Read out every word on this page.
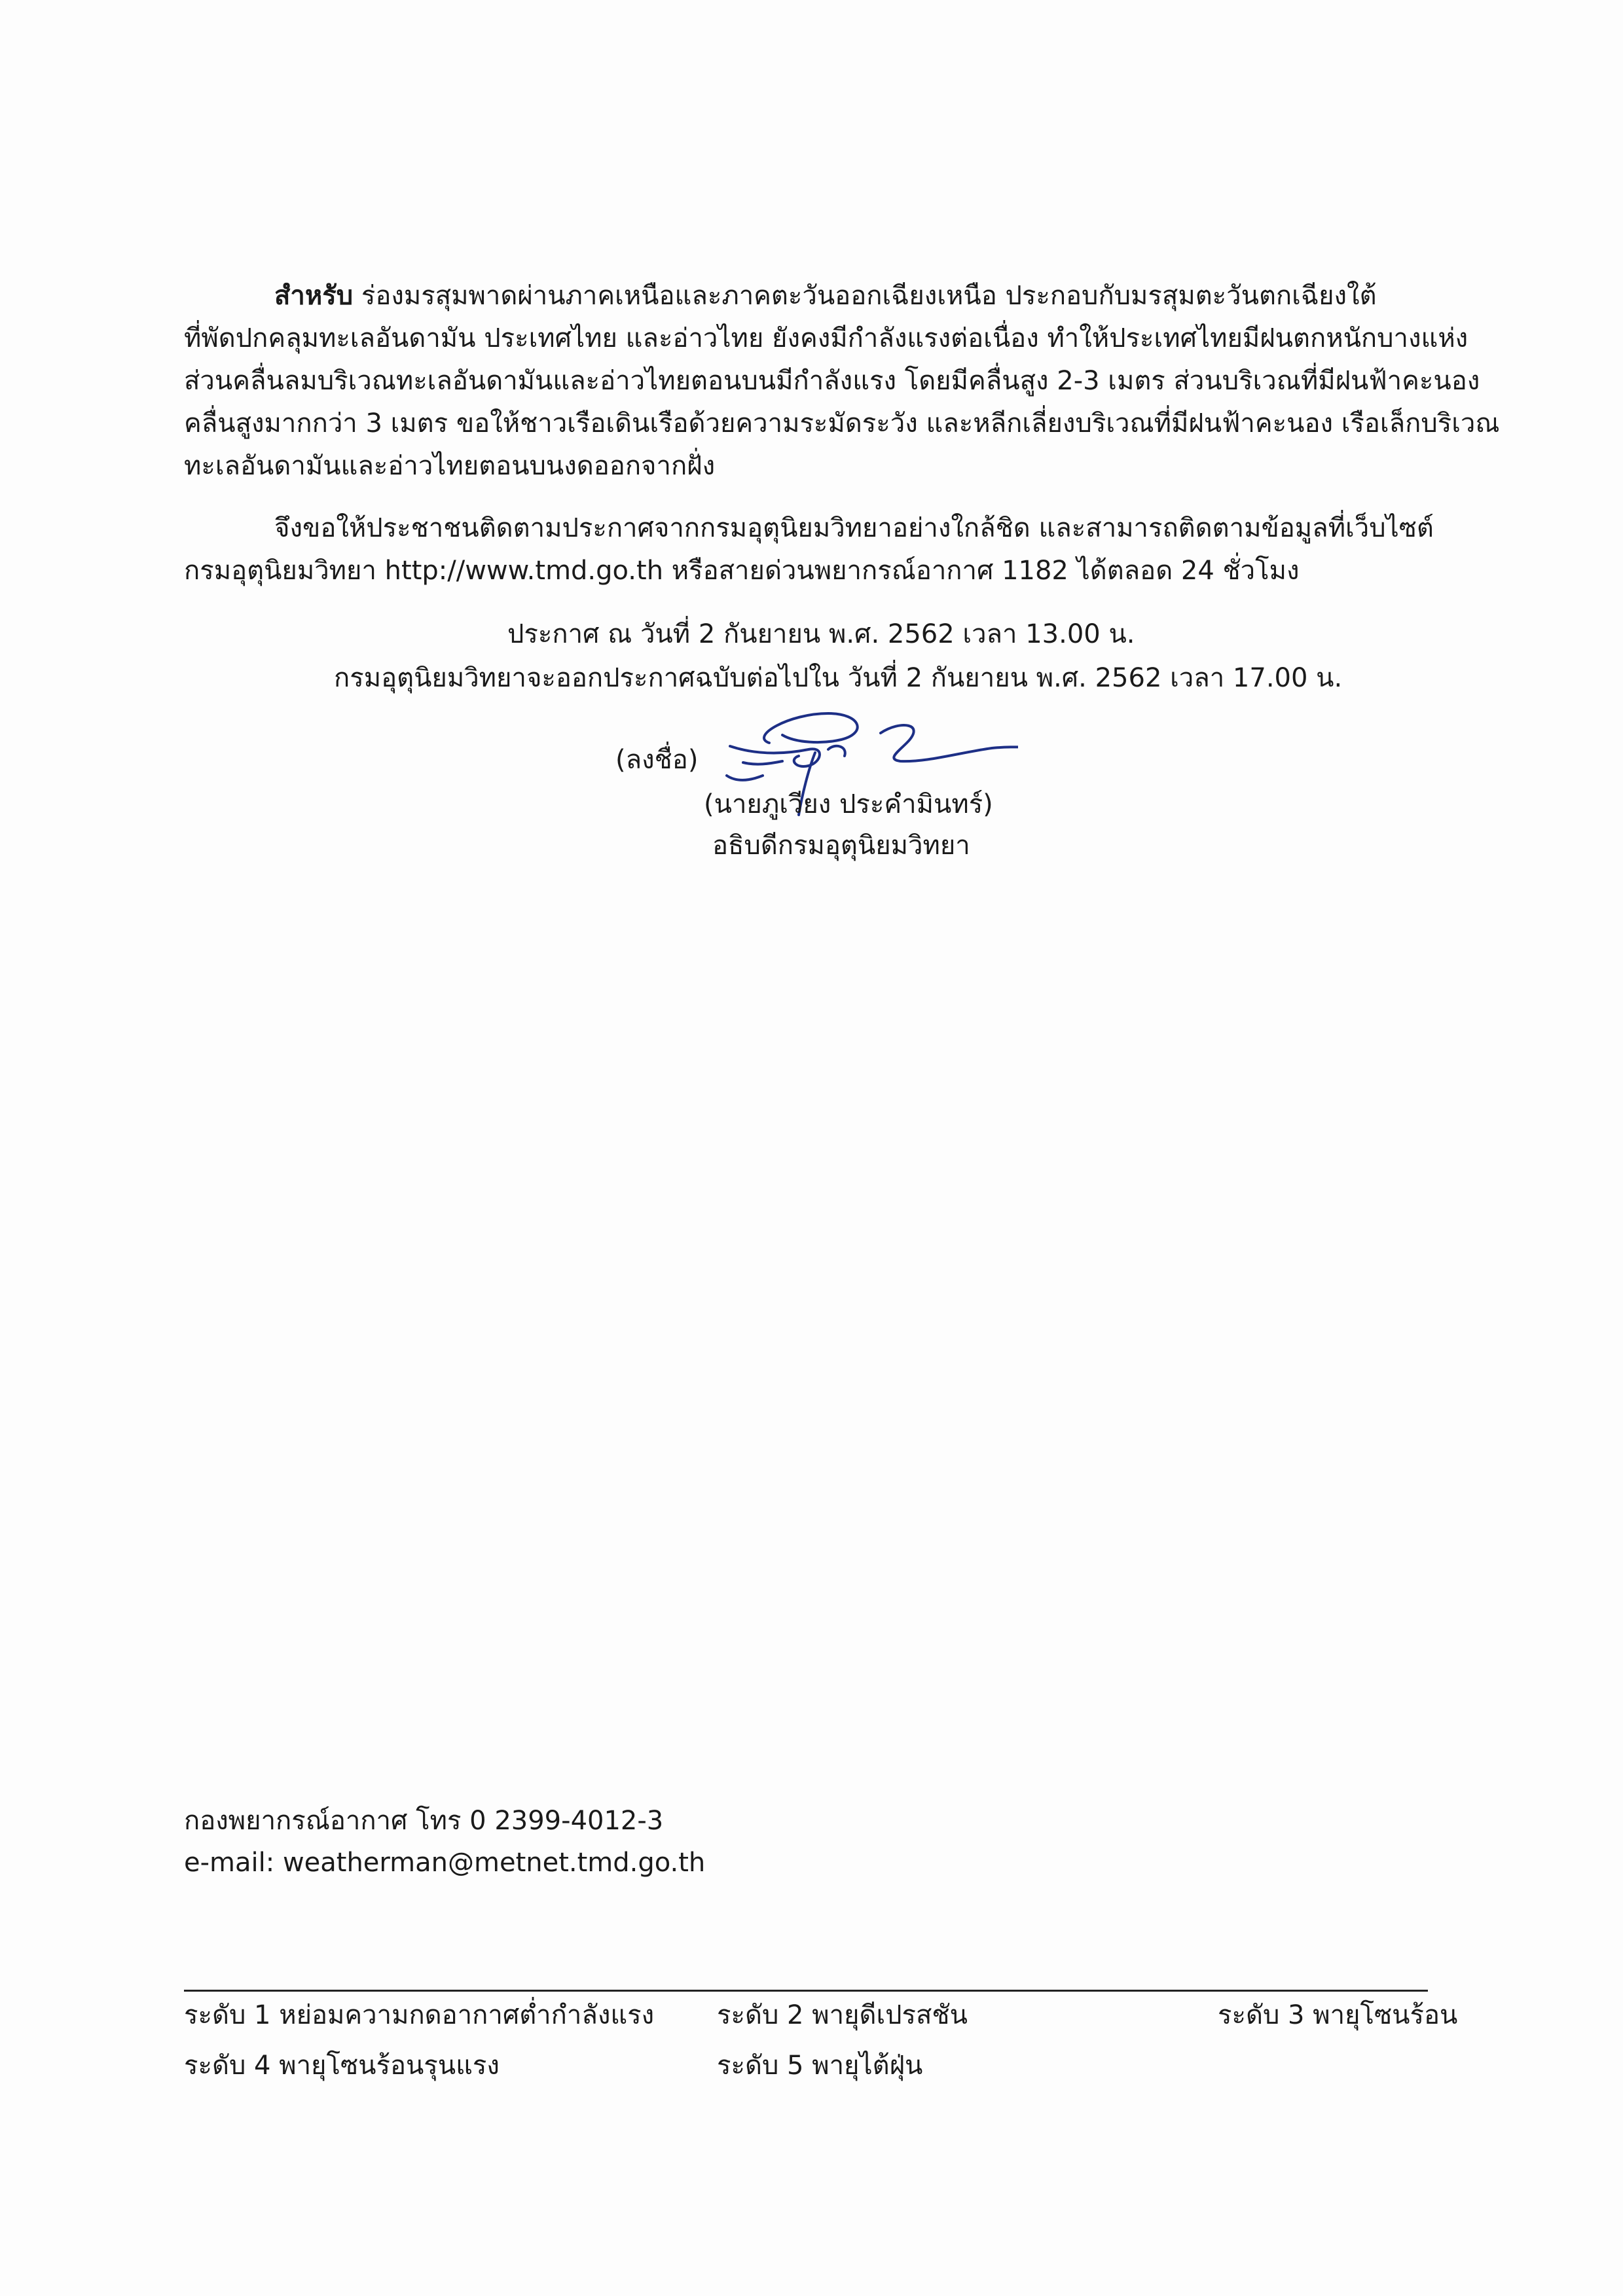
สำหรับ ร่องมรสุมพาดผ่านภาคเหนือและภาคตะวันออกเฉียงเหนือ ประกอบกับมรสุมตะวันตกเฉียงใต้
ที่พัดปกคลุมทะเลอันดามัน ประเทศไทย และอ่าวไทย ยังคงมีกำลังแรงต่อเนื่อง ทำให้ประเทศไทยมีฝนตกหนักบางแห่ง
ส่วนคลื่นลมบริเวณทะเลอันดามันและอ่าวไทยตอนบนมีกำลังแรง โดยมีคลื่นสูง 2-3 เมตร ส่วนบริเวณที่มีฝนฟ้าคะนอง
คลื่นสูงมากกว่า 3 เมตร ขอให้ชาวเรือเดินเรือด้วยความระมัดระวัง และหลีกเลี่ยงบริเวณที่มีฝนฟ้าคะนอง เรือเล็กบริเวณ
ทะเลอันดามันและอ่าวไทยตอนบนงดออกจากฝั่ง
จึงขอให้ประชาชนติดตามประกาศจากกรมอุตุนิยมวิทยาอย่างใกล้ชิด และสามารถติดตามข้อมูลที่เว็บไซต์
กรมอุตุนิยมวิทยา http://www.tmd.go.th หรือสายด่วนพยากรณ์อากาศ 1182 ได้ตลอด 24 ชั่วโมง
ประกาศ ณ วันที่ 2 กันยายน พ.ศ. 2562 เวลา 13.00 น.
กรมอุตุนิยมวิทยาจะออกประกาศฉบับต่อไปใน วันที่ 2 กันยายน พ.ศ. 2562 เวลา 17.00 น.
(ลงชื่อ)
(นายภูเวียง ประคำมินทร์)
อธิบดีกรมอุตุนิยมวิทยา
กองพยากรณ์อากาศ โทร 0 2399-4012-3
e-mail: weatherman@metnet.tmd.go.th
ระดับ 1 หย่อมความกดอากาศต่ำกำลังแรง ระดับ 2 พายุดีเปรสชัน	ระดับ 3 พายุโซนร้อน
ระดับ 4 พายุโซนร้อนรุนแรง	ระดับ 5 พายุไต้ฝุ่น
